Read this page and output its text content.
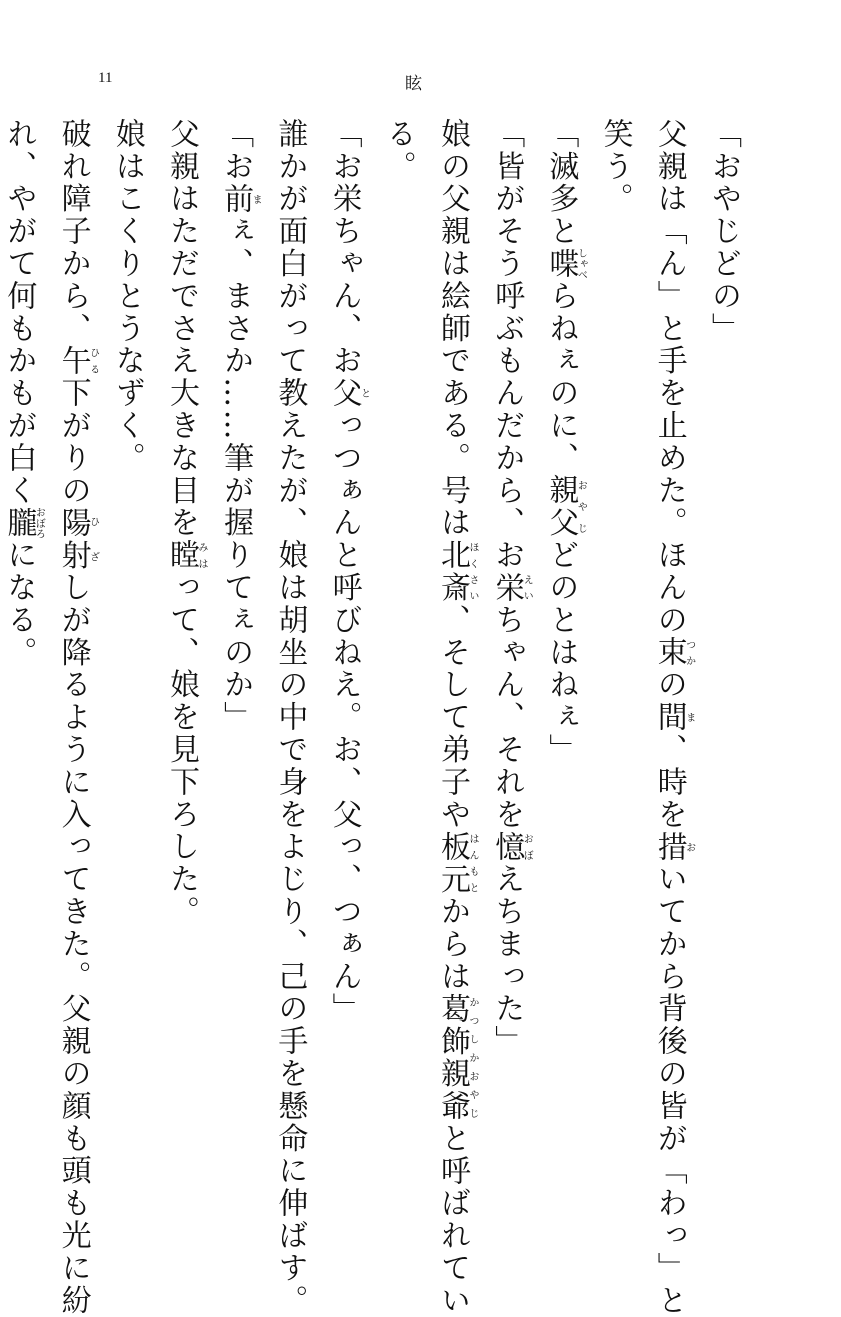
11	眩
「おやじどの」
父親は「ん」と手を止めた。ほんの束つかの間ま、時を措おいてから背後の皆が「わっ」と
笑う。
「滅多と喋しゃべらねぇのに、親父おやじどのとはねぇ」
「皆がそう呼ぶもんだから、お栄えいちゃん、それを憶おぼえちまった」
娘の父親は絵師である。号は北斎ほくさい、そして弟子や板元はんもとからは葛飾親爺かつしかおやじと呼ばれてい
る。
「お栄ちゃん、お父とっつぁんと呼びねえ。お、父っ、つぁん」
誰かが面白がって教えたが、娘は胡坐の中で身をよじり、己の手を懸命に伸ばす。
「お前まぇ、まさか……筆が握りてぇのか」
父親はただでさえ大きな目を瞠みはって、娘を見下ろした。
娘はこくりとうなずく。
破れ障子から、午ひる下がりの陽射ひざしが降るように入ってきた。父親の顔も頭も光に紛
れ、やがて何もかもが白く朧おぼろになる。
